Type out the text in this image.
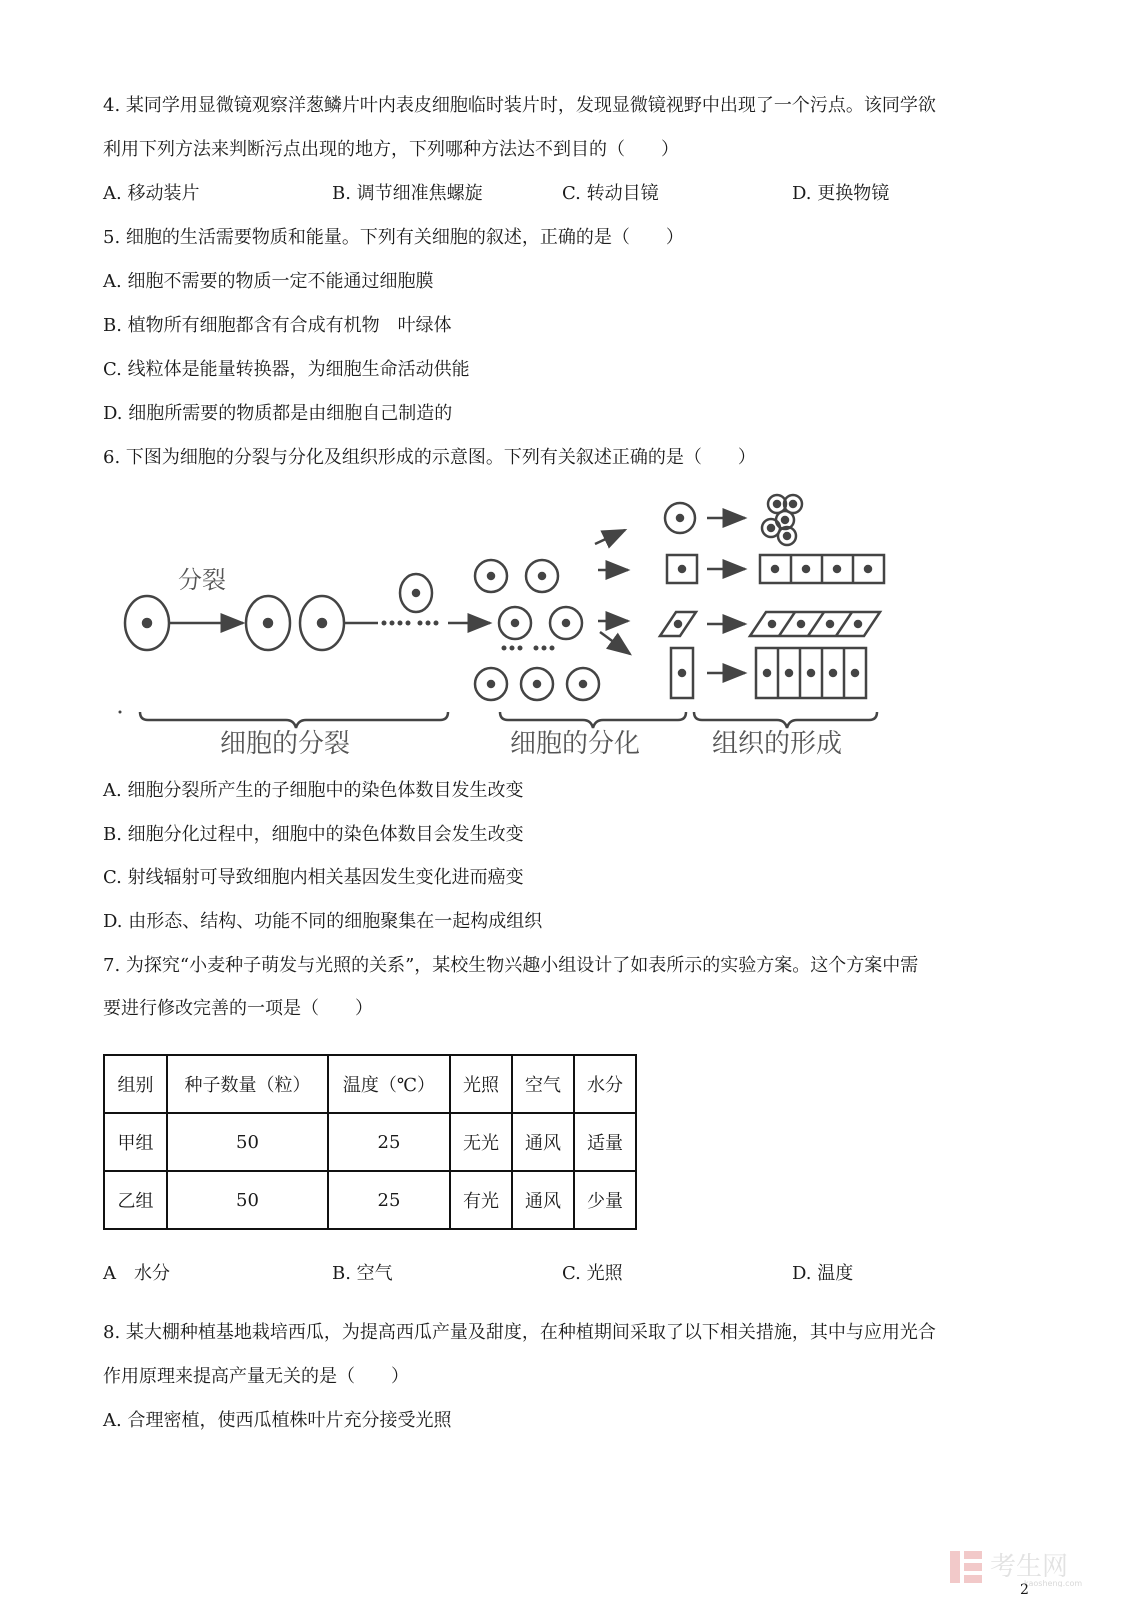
4. 某同学用显微镜观察洋葱鳞片叶内表皮细胞临时装片时，发现显微镜视野中出现了一个污点。该同学欲
利用下列方法来判断污点出现的地方，下列哪种方法达不到目的（　　）
A. 移动装片	B. 调节细准焦螺旋	C. 转动目镜	D. 更换物镜
5. 细胞的生活需要物质和能量。下列有关细胞的叙述，正确的是（　　）
A. 细胞不需要的物质一定不能通过细胞膜
B. 植物所有细胞都含有合成有机物　叶绿体
C. 线粒体是能量转换器，为细胞生命活动供能
D. 细胞所需要的物质都是由细胞自己制造的
6. 下图为细胞的分裂与分化及组织形成的示意图。下列有关叙述正确的是（　　）
分裂
细胞的分裂	细胞的分化	组织的形成
A. 细胞分裂所产生的子细胞中的染色体数目发生改变
B. 细胞分化过程中，细胞中的染色体数目会发生改变
C. 射线辐射可导致细胞内相关基因发生变化进而癌变
D. 由形态、结构、功能不同的细胞聚集在一起构成组织
7. 为探究“小麦种子萌发与光照的关系”，某校生物兴趣小组设计了如表所示的实验方案。这个方案中需
要进行修改完善的一项是（　　）
组别	种子数量（粒）	温度（℃）	光照	空气	水分
甲组	50	25	无光	通风	适量
乙组	50	25	有光	通风	少量
A　水分	B. 空气	C. 光照	D. 温度
8. 某大棚种植基地栽培西瓜，为提高西瓜产量及甜度，在种植期间采取了以下相关措施，其中与应用光合
作用原理来提高产量无关的是（　　）
A. 合理密植，使西瓜植株叶片充分接受光照
考生网
kaosheng.com
2
